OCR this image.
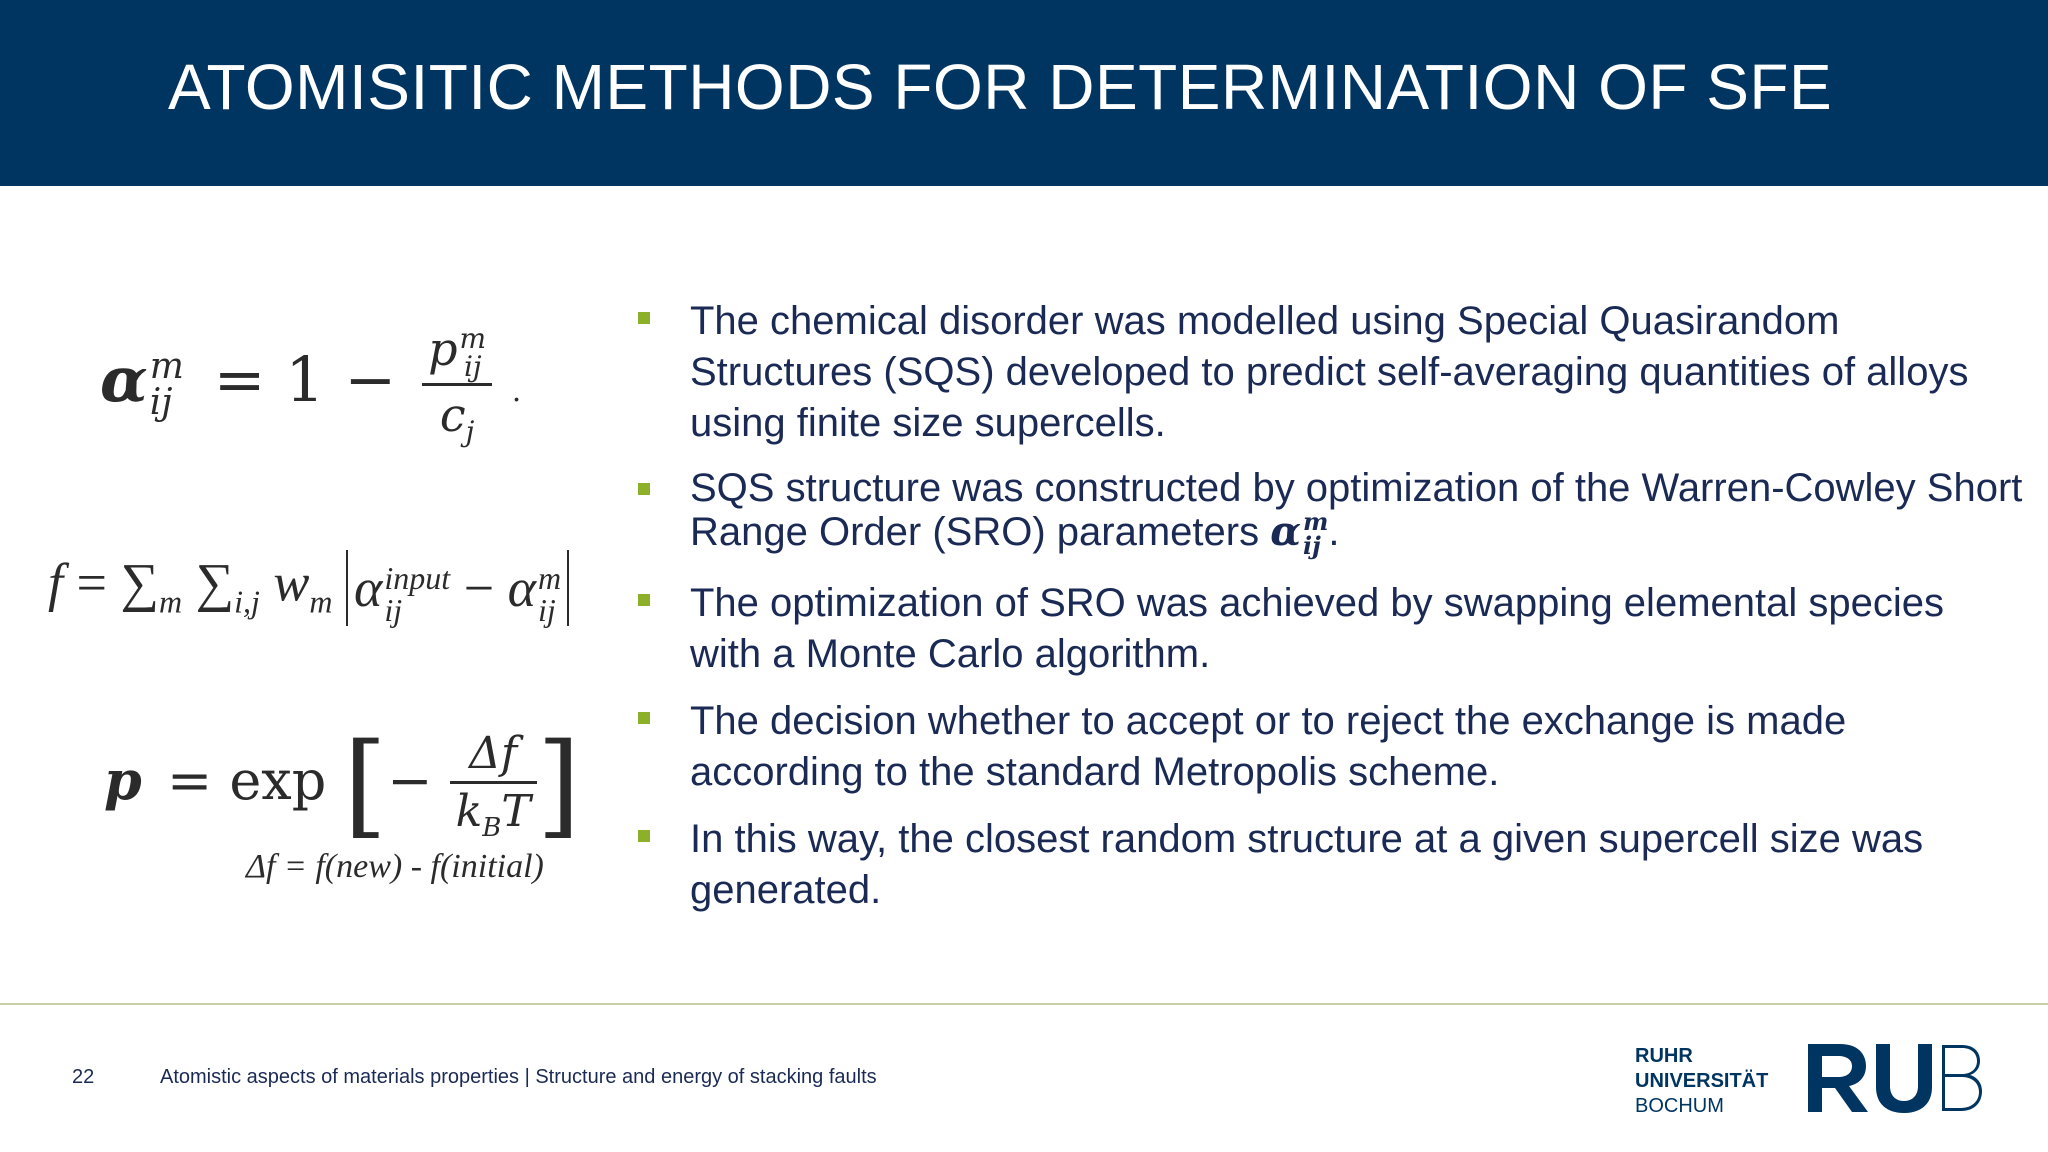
ATOMISITIC METHODS FOR DETERMINATION OF SFE
α m
ij = 1 − p m
ij
$c_j$ .
$f = \sum_m$ $\sum_{i,j}$ $w_m$ α input
ij	− α m
ij
p = exp [− $\frac{\Delta f}{k_BT}$ ]
Δf = f(new) - f(initial)
The chemical disorder was modelled using Special Quasirandom Structures (SQS) developed to predict self-averaging quantities of alloys using finite size supercells.
SQS structure was constructed by optimization of the Warren-Cowley Short Range Order (SRO) parameters α m
ij .
The optimization of SRO was achieved by swapping elemental species with a Monte Carlo algorithm.
The decision whether to accept or to reject the exchange is made according to the standard Metropolis scheme.
In this way, the closest random structure at a given supercell size was generated.
22	Atomistic aspects of materials properties | Structure and energy of stacking faults
RUHR
UNIVERSITÄT
BOCHUM
